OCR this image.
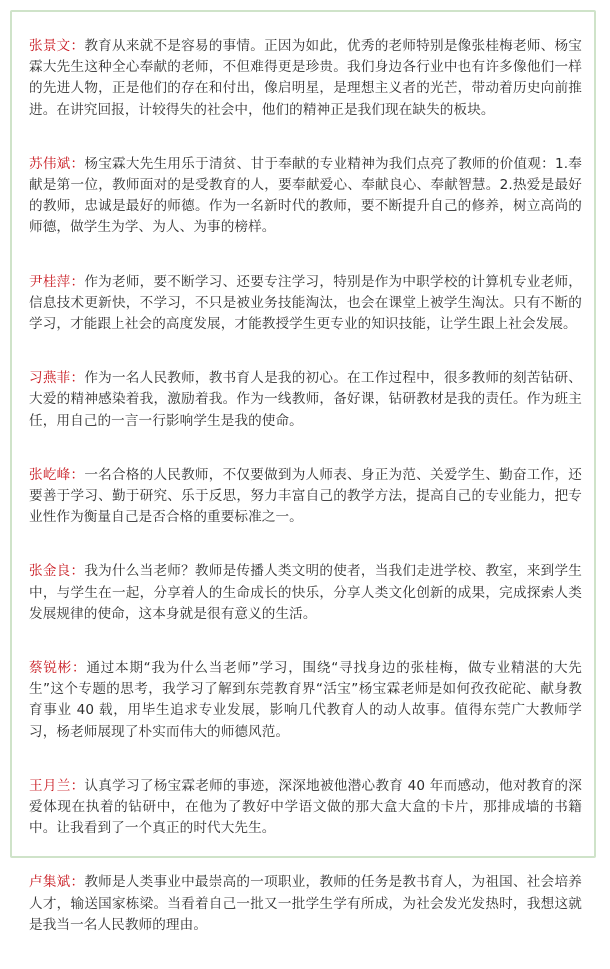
张景文：教育从来就不是容易的事情。正因为如此，优秀的老师特别是像张桂梅老师、杨宝霖大先生这种全心奉献的老师，不但难得更是珍贵。我们身边各行业中也有许多像他们一样的先进人物，正是他们的存在和付出，像启明星，是理想主义者的光芒，带动着历史向前推进。在讲究回报，计较得失的社会中，他们的精神正是我们现在缺失的板块。

苏伟斌：杨宝霖大先生用乐于清贫、甘于奉献的专业精神为我们点亮了教师的价值观：1.奉献是第一位，教师面对的是受教育的人，要奉献爱心、奉献良心、奉献智慧。2.热爱是最好的教师，忠诚是最好的师德。作为一名新时代的教师，要不断提升自己的修养，树立高尚的师德，做学生为学、为人、为事的榜样。

尹桂萍：作为老师，要不断学习、还要专注学习，特别是作为中职学校的计算机专业老师，信息技术更新快，不学习，不只是被业务技能淘汰，也会在课堂上被学生淘汰。只有不断的学习，才能跟上社会的高度发展，才能教授学生更专业的知识技能，让学生跟上社会发展。

习燕菲：作为一名人民教师，教书育人是我的初心。在工作过程中，很多教师的刻苦钻研、大爱的精神感染着我，激励着我。作为一线教师，备好课，钻研教材是我的责任。作为班主任，用自己的一言一行影响学生是我的使命。

张屹峰：一名合格的人民教师，不仅要做到为人师表、身正为范、关爱学生、勤奋工作，还要善于学习、勤于研究、乐于反思，努力丰富自己的教学方法，提高自己的专业能力，把专业性作为衡量自己是否合格的重要标准之一。

张金良：我为什么当老师？教师是传播人类文明的使者，当我们走进学校、教室，来到学生中，与学生在一起，分享着人的生命成长的快乐，分享人类文化创新的成果，完成探索人类发展规律的使命，这本身就是很有意义的生活。

蔡锐彬：通过本期“我为什么当老师”学习，围绕“寻找身边的张桂梅，做专业精湛的大先生”这个专题的思考，我学习了解到东莞教育界“活宝”杨宝霖老师是如何孜孜砣砣、献身教育事业 40 载，用毕生追求专业发展，影响几代教育人的动人故事。值得东莞广大教师学习，杨老师展现了朴实而伟大的师德风范。

王月兰：认真学习了杨宝霖老师的事迹，深深地被他潜心教育 40 年而感动，他对教育的深爱体现在执着的钻研中，在他为了教好中学语文做的那大盒大盒的卡片，那排成墙的书籍中。让我看到了一个真正的时代大先生。

卢集斌：教师是人类事业中最崇高的一项职业，教师的任务是教书育人，为祖国、社会培养人才，输送国家栋梁。当看着自己一批又一批学生学有所成，为社会发光发热时，我想这就是我当一名人民教师的理由。
